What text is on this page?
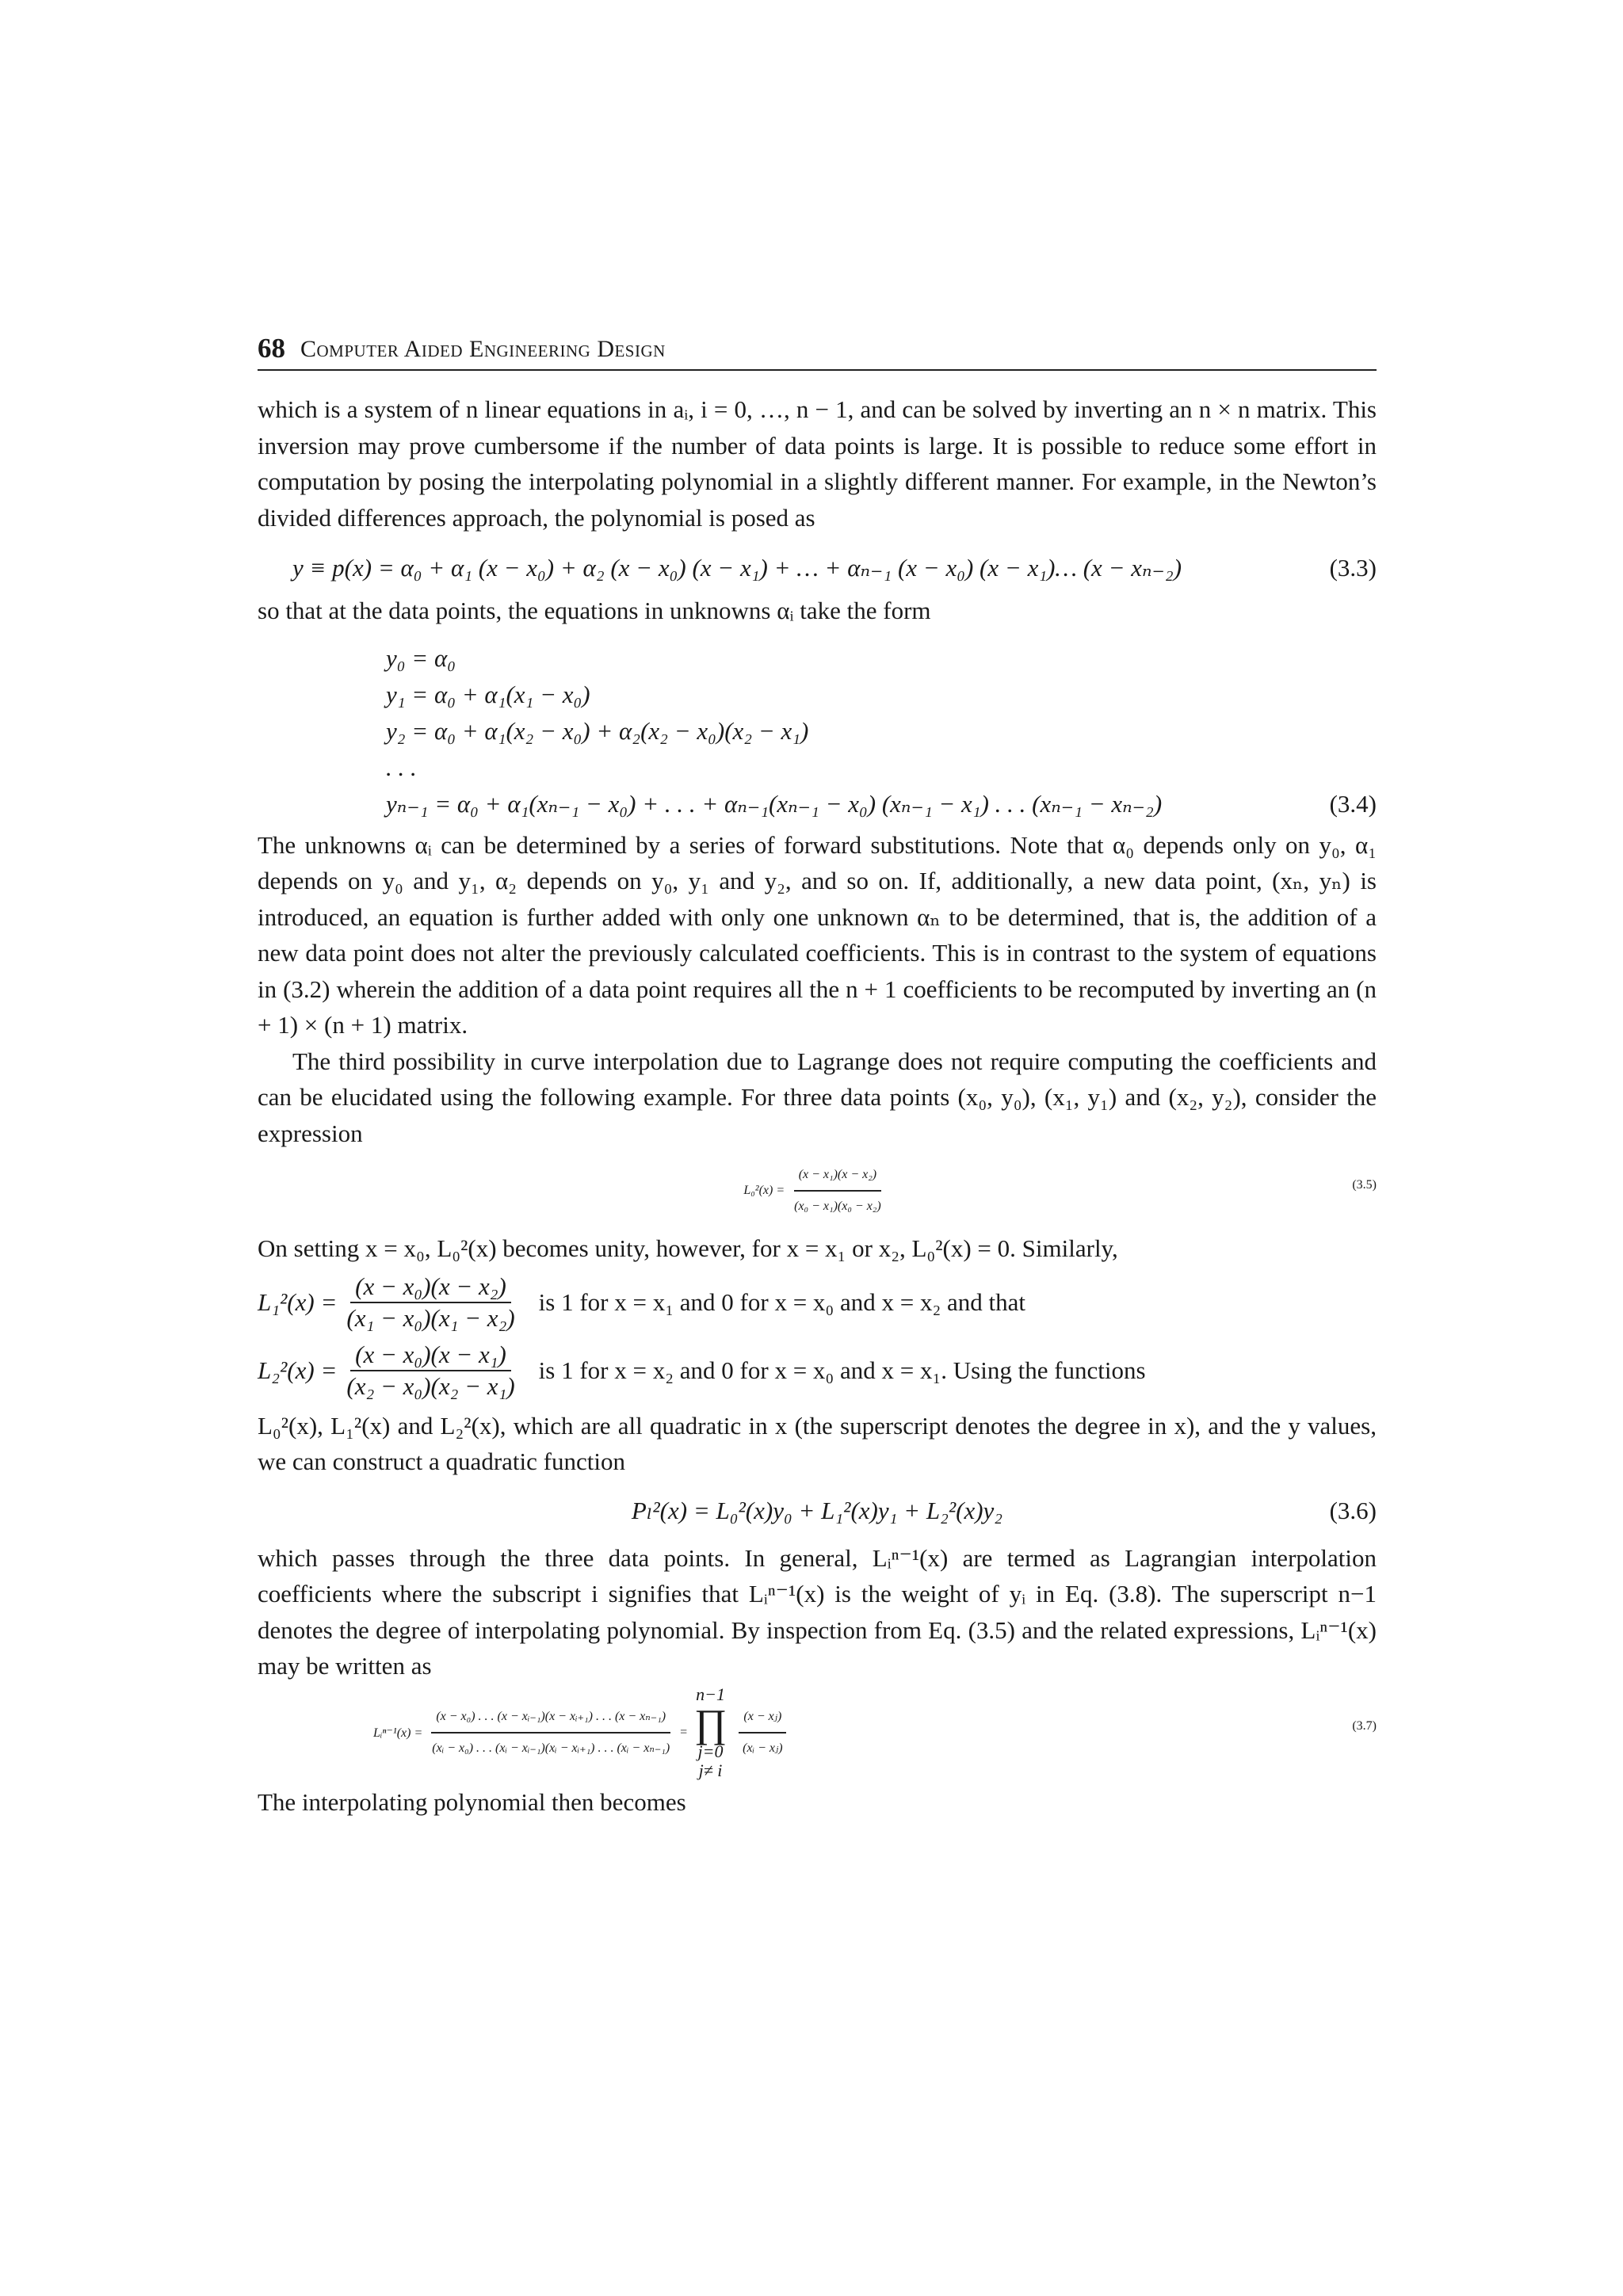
68 Computer Aided Engineering Design

which is a system of n linear equations in aᵢ, i = 0, …, n − 1, and can be solved by inverting an n × n matrix. This inversion may prove cumbersome if the number of data points is large. It is possible to reduce some effort in computation by posing the interpolating polynomial in a slightly different manner. For example, in the Newton’s divided differences approach, the polynomial is posed as

y ≡ p(x) = α₀ + α₁ (x − x₀) + α₂ (x − x₀) (x − x₁) + … + αₙ₋₁ (x − x₀) (x − x₁)… (x − xₙ₋₂)	(3.3)

so that at the data points, the equations in unknowns αᵢ take the form

y₀ = α₀
y₁ = α₀ + α₁(x₁ − x₀)
y₂ = α₀ + α₁(x₂ − x₀) + α₂(x₂ − x₀)(x₂ − x₁)
. . .
yₙ₋₁ = α₀ + α₁(xₙ₋₁ − x₀) + . . . + αₙ₋₁(xₙ₋₁ − x₀) (xₙ₋₁ − x₁) . . . (xₙ₋₁ − xₙ₋₂)	(3.4)

The unknowns αᵢ can be determined by a series of forward substitutions. Note that α₀ depends only on y₀, α₁ depends on y₀ and y₁, α₂ depends on y₀, y₁ and y₂, and so on. If, additionally, a new data point, (xₙ, yₙ) is introduced, an equation is further added with only one unknown αₙ to be determined, that is, the addition of a new data point does not alter the previously calculated coefficients. This is in contrast to the system of equations in (3.2) wherein the addition of a data point requires all the n + 1 coefficients to be recomputed by inverting an (n + 1) × (n + 1) matrix.

The third possibility in curve interpolation due to Lagrange does not require computing the coefficients and can be elucidated using the following example. For three data points (x₀, y₀), (x₁, y₁) and (x₂, y₂), consider the expression

$L_0^2(x) = \frac{\text{(x − x₁)(x − x₂)}}{\text{(x₀ − x₁)(x₀ − x₂)}}$	(3.5)

On setting x = x₀, L₀²(x) becomes unity, however, for x = x₁ or x₂, L₀²(x) = 0. Similarly,

$L_1^2(x) = \frac{\text{(x − x₀)(x − x₂)}}{\text{(x₁ − x₀)(x₁ − x₂)}}$ is 1 for x = x₁ and 0 for x = x₀ and x = x₂ and that
$L_2^2(x) = \frac{\text{(x − x₀)(x − x₁)}}{\text{(x₂ − x₀)(x₂ − x₁)}}$ is 1 for x = x₂ and 0 for x = x₀ and x = x₁. Using the functions

L₀²(x), L₁²(x) and L₂²(x), which are all quadratic in x (the superscript denotes the degree in x), and the y values, we can construct a quadratic function

Pₗ²(x) = L₀²(x)y₀ + L₁²(x)y₁ + L₂²(x)y₂	(3.6)

which passes through the three data points. In general, Lᵢⁿ⁻¹(x) are termed as Lagrangian interpolation coefficients where the subscript i signifies that Lᵢⁿ⁻¹(x) is the weight of yᵢ in Eq. (3.8). The superscript n−1 denotes the degree of interpolating polynomial. By inspection from Eq. (3.5) and the related expressions, Lᵢⁿ⁻¹(x) may be written as

Lᵢⁿ⁻¹(x) = $\frac{\text{(x − x₀) . . . (x − xᵢ₋₁)(x − xᵢ₊₁) . . . (x − xₙ₋₁)}}{\text{(xᵢ − x₀) . . . (xᵢ − xᵢ₋₁)(xᵢ − xᵢ₊₁) . . . (xᵢ − xₙ₋₁)}}$ =
n−1
∏
j=0
j≠ i
$\frac{\text{(x − xⱼ)}}{\text{(xᵢ − xⱼ)}}$	(3.7)

The interpolating polynomial then becomes
